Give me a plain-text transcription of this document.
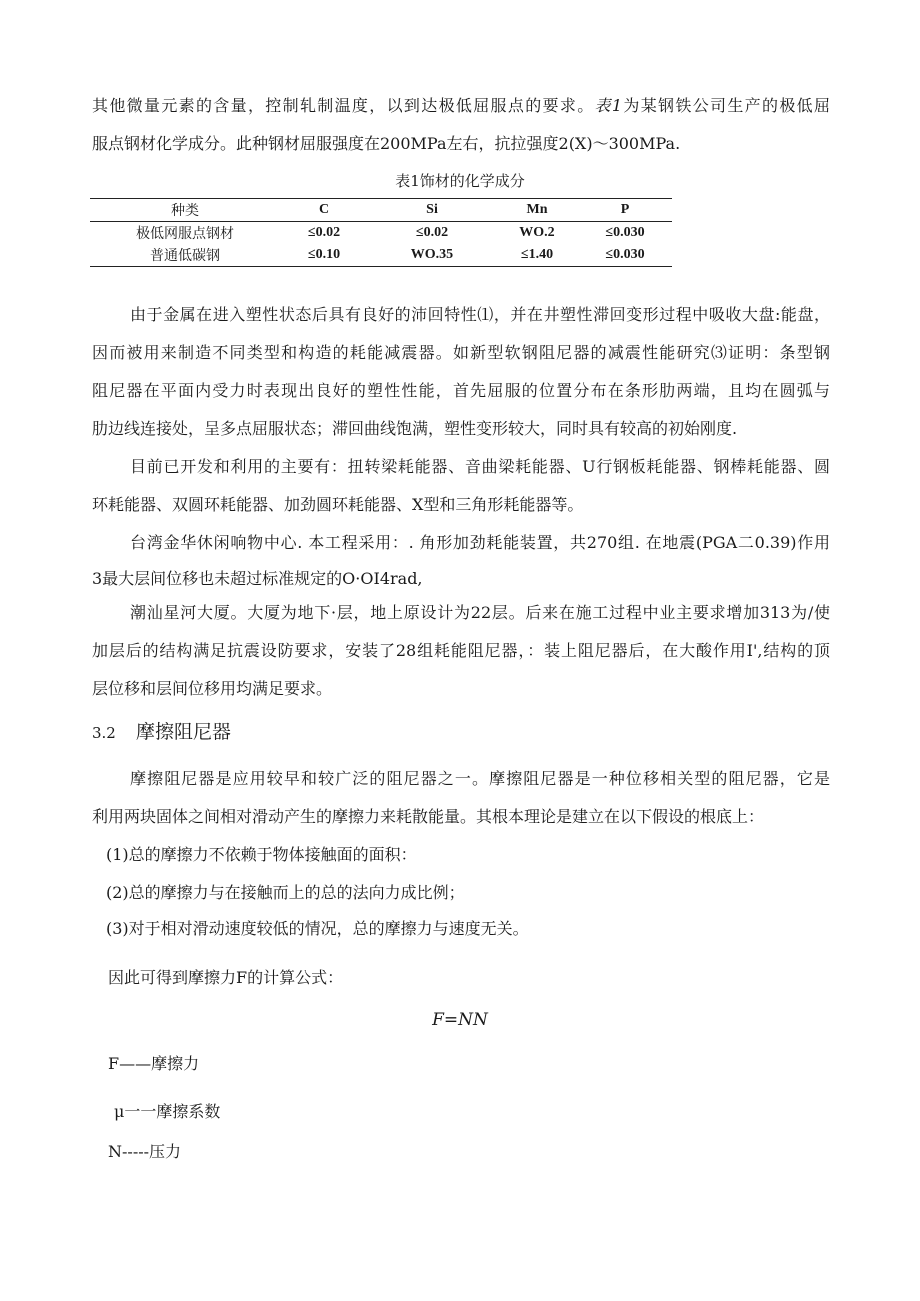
其他微量元素的含量，控制轧制温度，以到达极低屈服点的要求。表1为某钢铁公司生产的极低屈
服点钢材化学成分。此种钢材屈服强度在200MPa左右，抗拉强度2(X)～300MPa.
表1饰材的化学成分
种类	C	Si	Mn	P
极低网服点钢材	≤0.02	≤0.02	WO.2	≤0.030
普通低碳钢	≤0.10	WO.35	≤1.40	≤0.030
由于金属在进入塑性状态后具有良好的沛回特性⑴，并在井塑性滞回变形过程中吸收大盘:能盘，
因而被用来制造不同类型和构造的耗能减震器。如新型软钢阻尼器的减震性能研究⑶证明：条型钢
阻尼器在平面内受力时表现出良好的塑性性能，首先屈服的位置分布在条形肋两端，且均在圆弧与
肋边线连接处，呈多点屈服状态；滞回曲线饱满，塑性变形较大，同时具有较高的初始刚度.
目前已开发和利用的主要有：扭转梁耗能器、音曲梁耗能器、U行钢板耗能器、钢棒耗能器、圆
环耗能器、双圆环耗能器、加劲圆环耗能器、X型和三角形耗能器等。
台湾金华休闲响物中心. 本工程采用：. 角形加劲耗能装置，共270组. 在地震(PGA二0.39)作用
3最大层间位移也未超过标准规定的O·OI4rad,
潮汕星河大厦。大厦为地下·层，地上原设计为22层。后来在施工过程中业主要求增加313为/使
加层后的结构满足抗震设防要求，安装了28组耗能阻尼器，：装上阻尼器后，在大酸作用I',结构的顶
层位移和层间位移用均满足要求。
3.2 摩擦阻尼器
摩擦阻尼器是应用较早和较广泛的阻尼器之一。摩擦阻尼器是一种位移相关型的阻尼器，它是
利用两块固体之间相对滑动产生的摩擦力来耗散能量。其根本理论是建立在以下假设的根底上：
(1)总的摩擦力不依赖于物体接触面的面积：
(2)总的摩擦力与在接触而上的总的法向力成比例；
(3)对于相对滑动速度较低的情况，总的摩擦力与速度无关。
因此可得到摩擦力F的计算公式：
F=NN
F——摩擦力
μ一一摩擦系数
N-----压力
